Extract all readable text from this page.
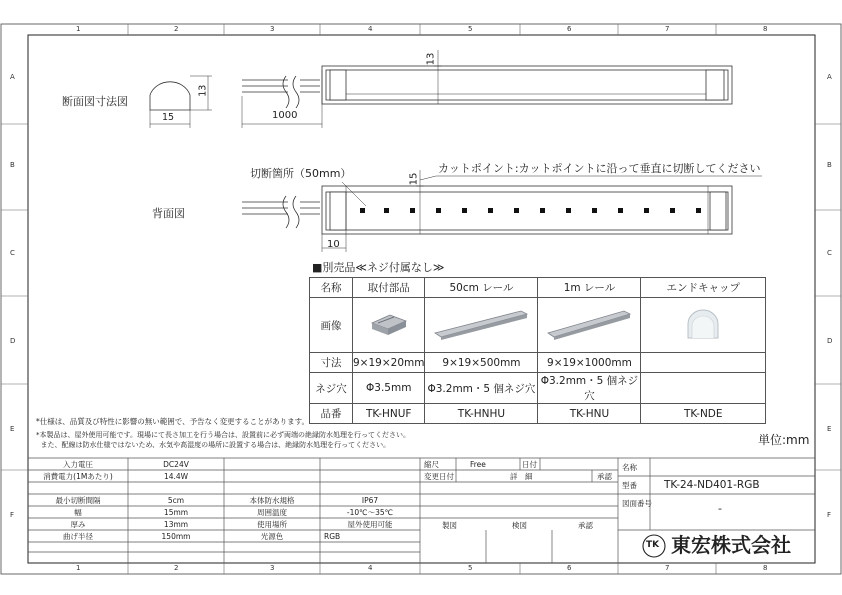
1	2	3	4	5	6	7	8
1	2	3	4	5	6	7	8
A
B
C
D
E
F
A
B
C
D
E
F
断面図寸法図
13
15	1000
13
切断箇所（50mm）	カットポイント:カットポイントに沿って垂直に切断してください
背面図
15
10
■別売品≪ネジ付属なし≫
名称	取付部品	50cm レール	1m レール	エンドキャップ
画像				
寸法	9×19×20mm	9×19×500mm	9×19×1000mm	
ネジ穴	Φ3.5mm	Φ3.2mm・5 個ネジ穴	Φ3.2mm・5 個ネジ穴	
品番	TK-HNUF	TK-HNHU	TK-HNU	TK-NDE
*仕様は、品質及び特性に影響の無い範囲で、予告なく変更することがあります。
*本製品は、屋外使用可能です。現場にて長さ加工を行う場合は、設置前に必ず両端の絶縁防水処理を行ってください。
また、配線は防水仕様ではないため、水気や高湿度の場所に設置する場合は、絶縁防水処理を行ってください。	単位:mm
入力電圧	DC24V
消費電力(1Mあたり)	14.4W
最小切断間隔	5cm
幅	15mm
厚み	13mm
曲げ半径	150mm
本体防水規格	IP67
周囲温度	-10℃～35℃
使用場所	屋外使用可能
光源色	RGB
縮尺	Free	日付
変更日付	詳　細	承認
製図	検図	承認
名称
型番	TK-24-ND401-RGB
図面番号	-
TK 東宏株式会社
